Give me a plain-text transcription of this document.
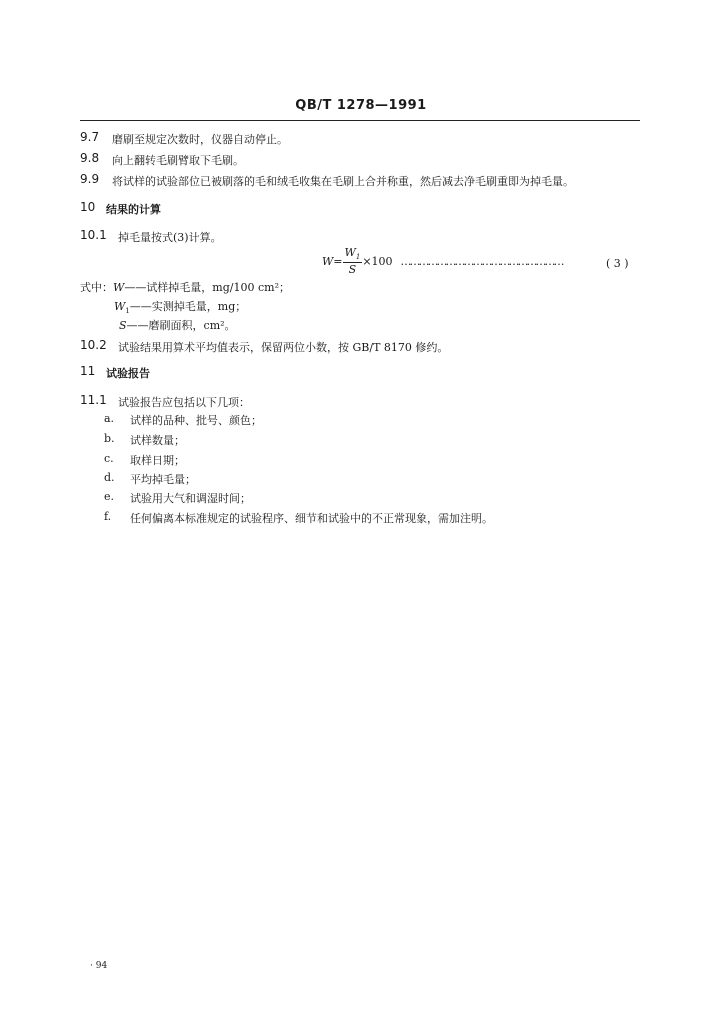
QB/T 1278—1991
9.7 磨刷至规定次数时，仪器自动停止。
9.8 向上翻转毛刷臂取下毛刷。
9.9 将试样的试验部位已被刷落的毛和绒毛收集在毛刷上合并称重，然后减去净毛刷重即为掉毛量。
10 结果的计算
10.1 掉毛量按式(3)计算。
$W= \frac{W_1}{S} \times 100$ ………………………………………………	( 3 )
式中：W——试样掉毛量，mg/100 cm²；
$W_1——$实测掉毛量，mg；
S——磨刷面积，cm²。
10.2 试验结果用算术平均值表示，保留两位小数，按 GB/T 8170 修约。
11 试验报告
11.1 试验报告应包括以下几项：
a. 试样的品种、批号、颜色；
b. 试样数量；
c. 取样日期；
d. 平均掉毛量；
e. 试验用大气和调湿时间；
f. 任何偏离本标准规定的试验程序、细节和试验中的不正常现象，需加注明。
· 94
